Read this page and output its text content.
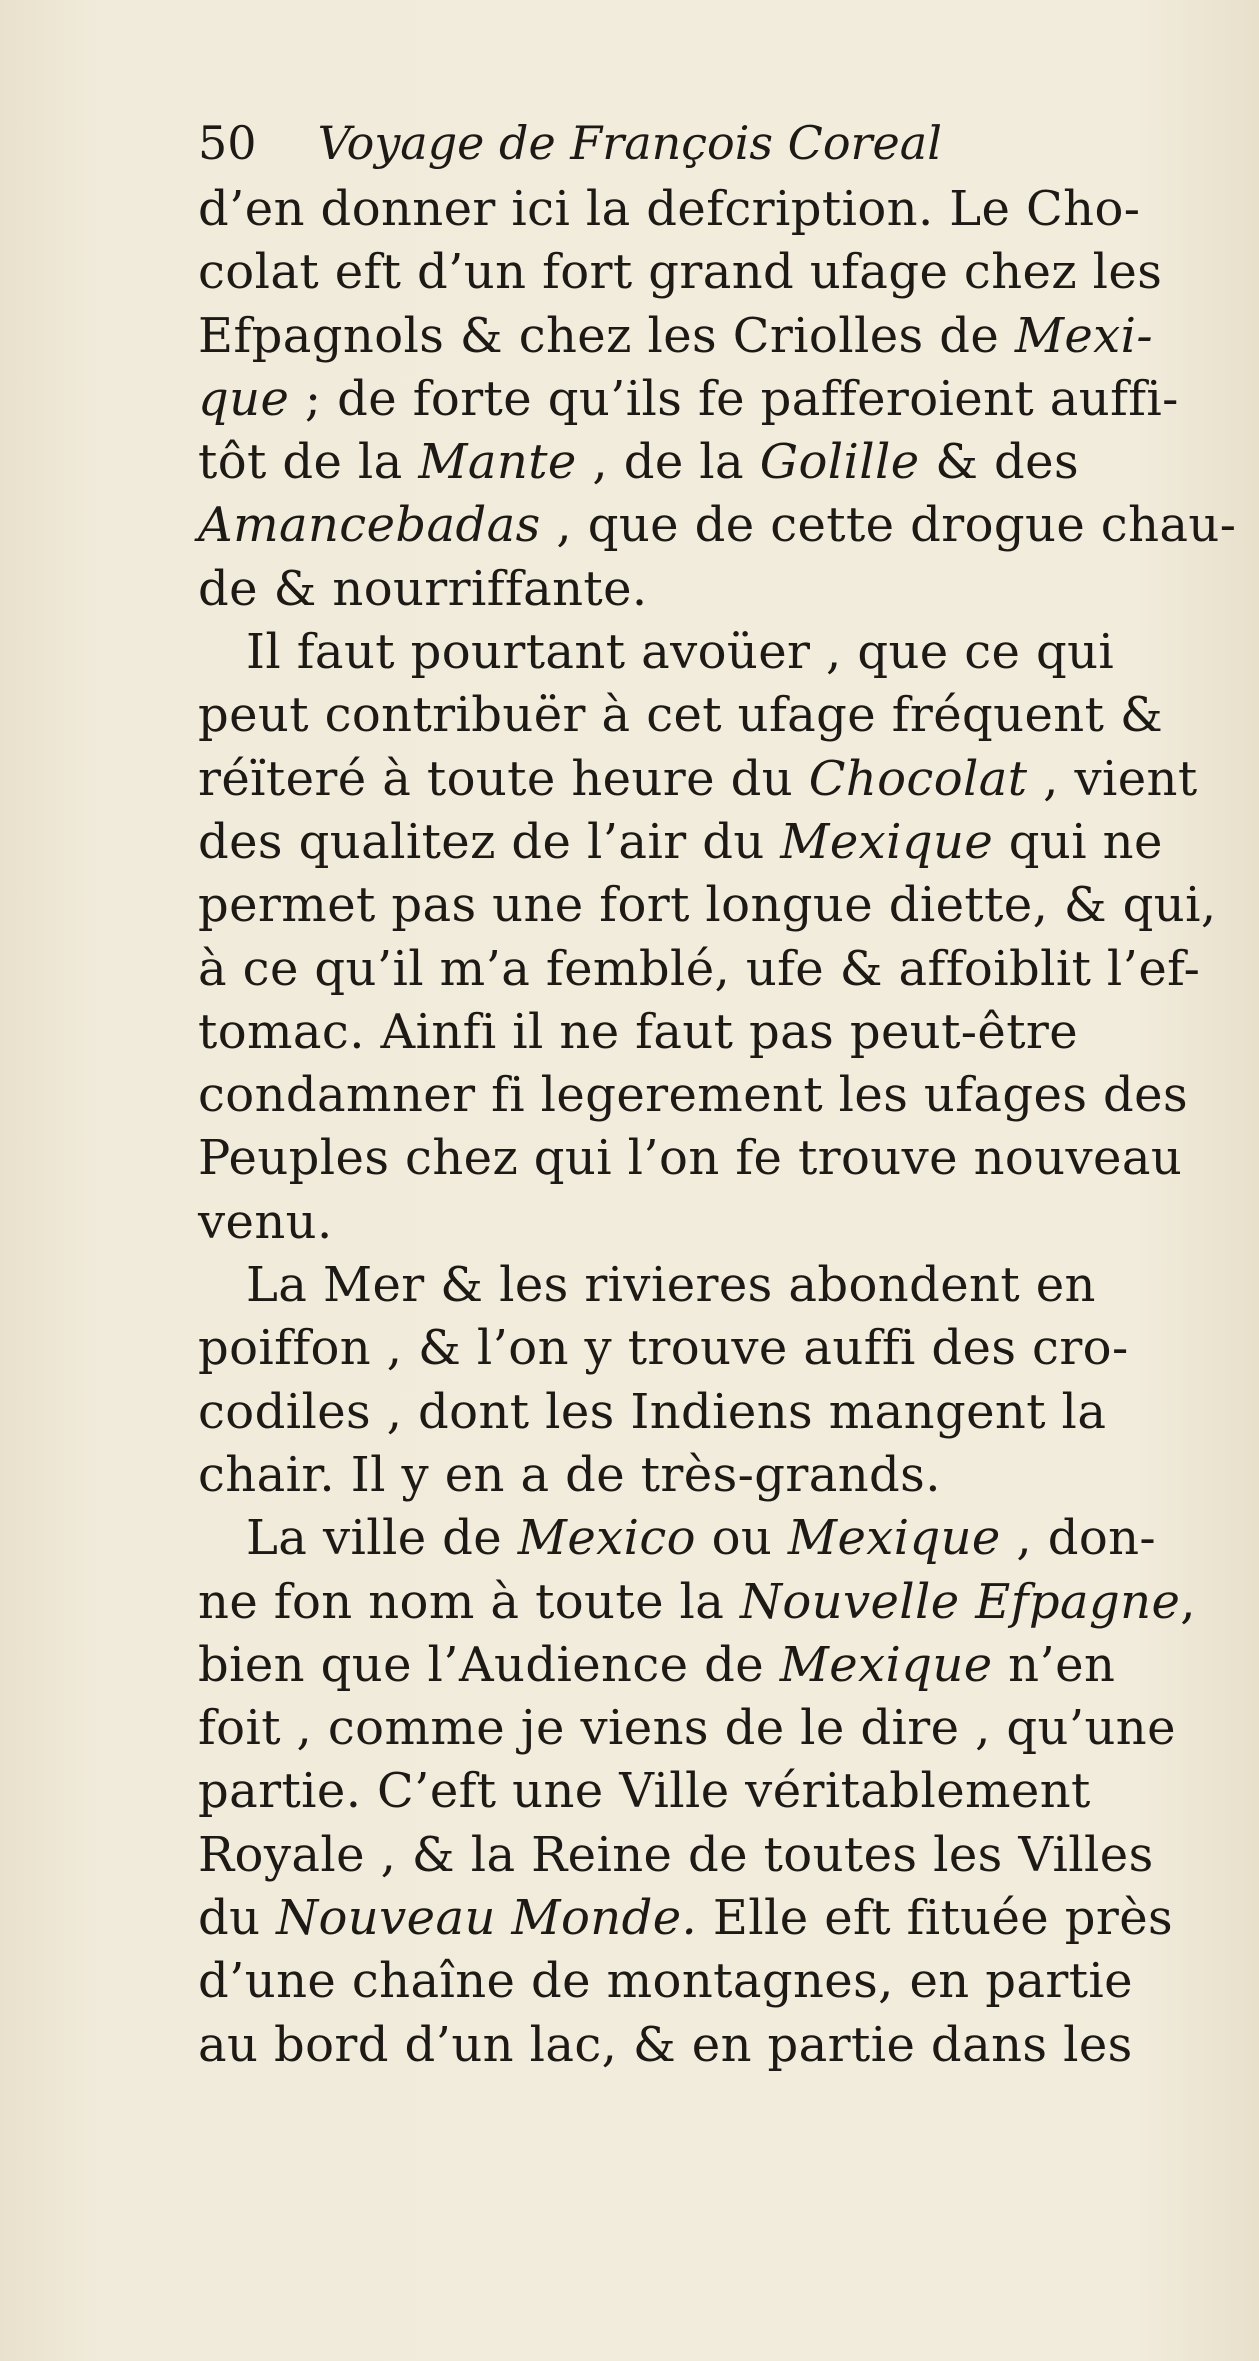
50 Voyage de François Coreal
d’en donner ici la defcription. Le Cho-
colat eft d’un fort grand ufage chez les
Efpagnols & chez les Criolles de Mexi-
que ; de forte qu’ils fe pafferoient auffi-
tôt de la Mante , de la Golille & des
Amancebadas , que de cette drogue chau-
de & nourriffante.
Il faut pourtant avoüer , que ce qui
peut contribuër à cet ufage fréquent &
réïteré à toute heure du Chocolat , vient
des qualitez de l’air du Mexique qui ne
permet pas une fort longue diette, & qui,
à ce qu’il m’a femblé, ufe & affoiblit l’ef-
tomac. Ainfi il ne faut pas peut-être
condamner fi legerement les ufages des
Peuples chez qui l’on fe trouve nouveau
venu.
La Mer & les rivieres abondent en
poiffon , & l’on y trouve auffi des cro-
codiles , dont les Indiens mangent la
chair. Il y en a de très-grands.
La ville de Mexico ou Mexique , don-
ne fon nom à toute la Nouvelle Efpagne,
bien que l’Audience de Mexique n’en
foit , comme je viens de le dire , qu’une
partie. C’eft une Ville véritablement
Royale , & la Reine de toutes les Villes
du Nouveau Monde. Elle eft fituée près
d’une chaîne de montagnes, en partie
au bord d’un lac, & en partie dans les
